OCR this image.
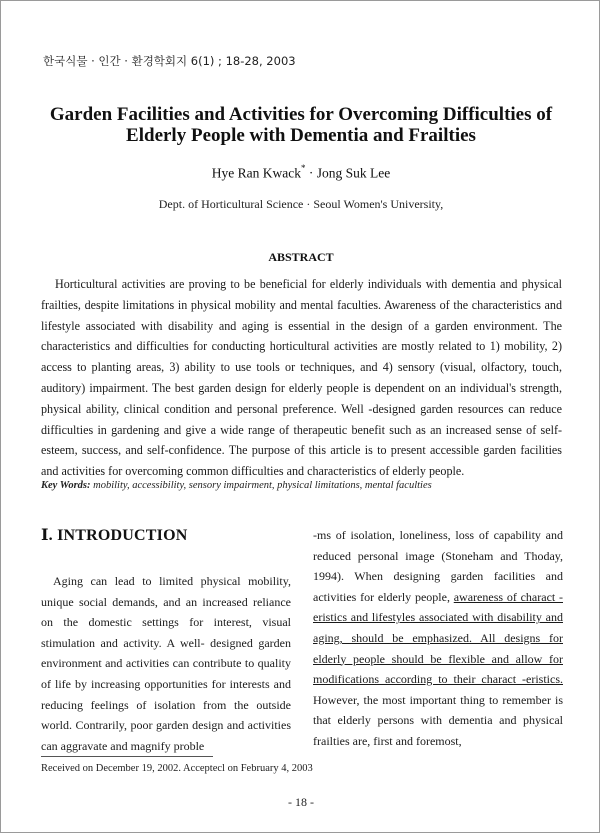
한국식물 · 인간 · 환경학회지 6(1) ; 18-28, 2003
Garden Facilities and Activities for Overcoming Difficulties of
Elderly People with Dementia and Frailties
Hye Ran Kwack* · Jong Suk Lee
Dept. of Horticultural Science · Seoul Women's University,
ABSTRACT
Horticultural activities are proving to be beneficial for elderly individuals with dementia and physical frailties, despite limitations in physical mobility and mental faculties. Awareness of the characteristics and lifestyle associated with disability and aging is essential in the design of a garden environment. The characteristics and difficulties for conducting horticultural activities are mostly related to 1) mobility, 2) access to planting areas, 3) ability to use tools or techniques, and 4) sensory (visual, olfactory, touch, auditory) impairment. The best garden design for elderly people is dependent on an individual's strength, physical ability, clinical condition and personal preference. Well -designed garden resources can reduce difficulties in gardening and give a wide range of therapeutic benefit such as an increased sense of self-esteem, success, and self-confidence. The purpose of this article is to present accessible garden facilities and activities for overcoming common difficulties and characteristics of elderly people.
Key Words: mobility, accessibility, sensory impairment, physical limitations, mental faculties
Ⅰ. INTRODUCTION

Aging can lead to limited physical mobility, unique social demands, and an increased reliance on the domestic settings for interest, visual stimulation and activity. A well- designed garden environment and activities can contribute to quality of life by increasing opportunities for interests and reducing feelings of isolation from the outside world. Contrarily, poor garden design and activities can aggravate and magnify proble

-ms of isolation, loneliness, loss of capability and reduced personal image (Stoneham and Thoday, 1994). When designing garden facilities and activities for elderly people, awareness of charact -eristics and lifestyles associated with disability and aging, should be emphasized. All designs for elderly people should be flexible and allow for modifications according to their charact -eristics. However, the most important thing to remember is that elderly persons with dementia and physical frailties are, first and foremost,

Received on December 19, 2002. Acceptecl on February 4, 2003
- 18 -
